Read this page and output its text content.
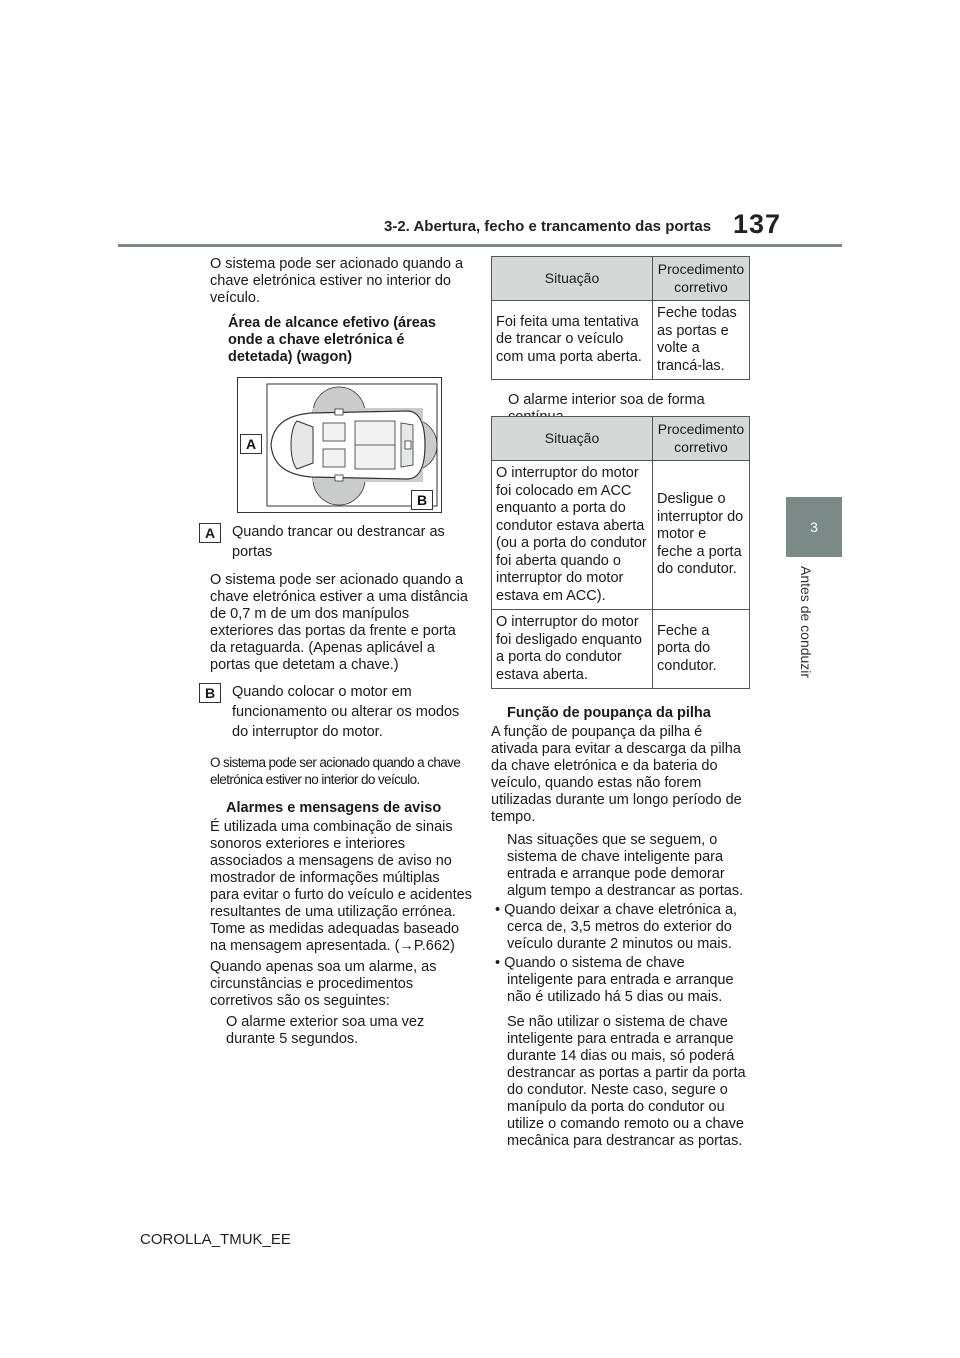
3-2. Abertura, fecho e trancamento das portas 137
3
Antes de conduzir

O sistema pode ser acionado quando a chave eletrónica estiver no interior do veículo.

Área de alcance efetivo (áreas onde a chave eletrónica é detetada) (wagon)

A
B
A	Quando trancar ou destrancar as portas

O sistema pode ser acionado quando a chave eletrónica estiver a uma distância de 0,7 m de um dos manípulos exteriores das portas da frente e porta da retaguarda. (Apenas aplicável a portas que detetam a chave.)

B	Quando colocar o motor em funcionamento ou alterar os modos do interruptor do motor.

O sistema pode ser acionado quando a chave eletrónica estiver no interior do veículo.

Alarmes e mensagens de aviso

É utilizada uma combinação de sinais sonoros exteriores e interiores associados a mensagens de aviso no mostrador de informações múltiplas para evitar o furto do veículo e acidentes resultantes de uma utilização errónea. Tome as medidas adequadas baseado na mensagem apresentada. (→P.662)

Quando apenas soa um alarme, as circunstâncias e procedimentos corretivos são os seguintes:

O alarme exterior soa uma vez durante 5 segundos.

Situação	Procedimento corretivo
Foi feita uma tentativa de trancar o veículo com uma porta aberta.	Feche todas as portas e volte a trancá-las.
O alarme interior soa de forma
Situação	Procedimento corretivo
O interruptor do motor foi colocado em ACC enquanto a porta do condutor estava aberta (ou a porta do condutor foi aberta quando o interruptor do motor estava em ACC).	Desligue o interruptor do motor e feche a porta do condutor.
O interruptor do motor foi desligado enquanto a porta do condutor estava aberta.	Feche a porta do condutor.

Função de poupança da pilha

A função de poupança da pilha é ativada para evitar a descarga da pilha da chave eletrónica e da bateria do veículo, quando estas não forem utilizadas durante um longo período de tempo.

Nas situações que se seguem, o sistema de chave inteligente para entrada e arranque pode demorar algum tempo a destrancar as portas.

• Quando deixar a chave eletrónica a, cerca de, 3,5 metros do exterior do veículo durante 2 minutos ou mais.

• Quando o sistema de chave inteligente para entrada e arranque não é utilizado há 5 dias ou mais.

Se não utilizar o sistema de chave inteligente para entrada e arranque durante 14 dias ou mais, só poderá destrancar as portas a partir da porta do condutor. Neste caso, segure o manípulo da porta do condutor ou utilize o comando remoto ou a chave mecânica para destrancar as portas.

COROLLA_TMUK_EE
